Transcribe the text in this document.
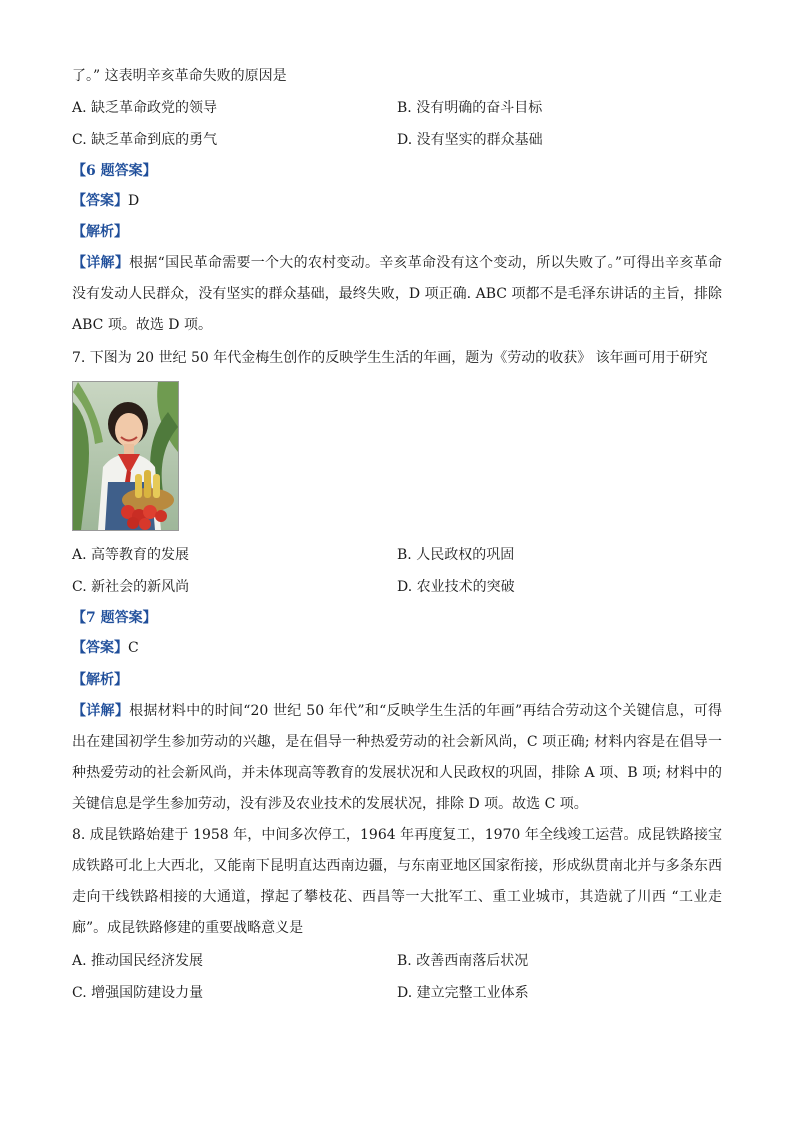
了。” 这表明辛亥革命失败的原因是
A. 缺乏革命政党的领导	B. 没有明确的奋斗目标
C. 缺乏革命到底的勇气	D. 没有坚实的群众基础
【6 题答案】
【答案】D
【解析】
【详解】根据“国民革命需要一个大的农村变动。辛亥革命没有这个变动，所以失败了。”可得出辛亥革命没有发动人民群众，没有坚实的群众基础，最终失败，D 项正确. ABC 项都不是毛泽东讲话的主旨，排除 ABC 项。故选 D 项。
7. 下图为 20 世纪 50 年代金梅生创作的反映学生生活的年画，题为《劳动的收获》 该年画可用于研究
A. 高等教育的发展	B. 人民政权的巩固
C. 新社会的新风尚	D. 农业技术的突破
【7 题答案】
【答案】C
【解析】
【详解】根据材料中的时间“20 世纪 50 年代”和“反映学生生活的年画”再结合劳动这个关键信息，可得出在建国初学生参加劳动的兴趣，是在倡导一种热爱劳动的社会新风尚，C 项正确; 材料内容是在倡导一种热爱劳动的社会新风尚，并未体现高等教育的发展状况和人民政权的巩固，排除 A 项、B 项; 材料中的关键信息是学生参加劳动，没有涉及农业技术的发展状况，排除 D 项。故选 C 项。
8. 成昆铁路始建于 1958 年，中间多次停工，1964 年再度复工，1970 年全线竣工运营。成昆铁路接宝成铁路可北上大西北，又能南下昆明直达西南边疆，与东南亚地区国家衔接，形成纵贯南北并与多条东西走向干线铁路相接的大通道，撑起了攀枝花、西昌等一大批军工、重工业城市，其造就了川西 “工业走廊”。成昆铁路修建的重要战略意义是
A. 推动国民经济发展	B. 改善西南落后状况
C. 增强国防建设力量	D. 建立完整工业体系
